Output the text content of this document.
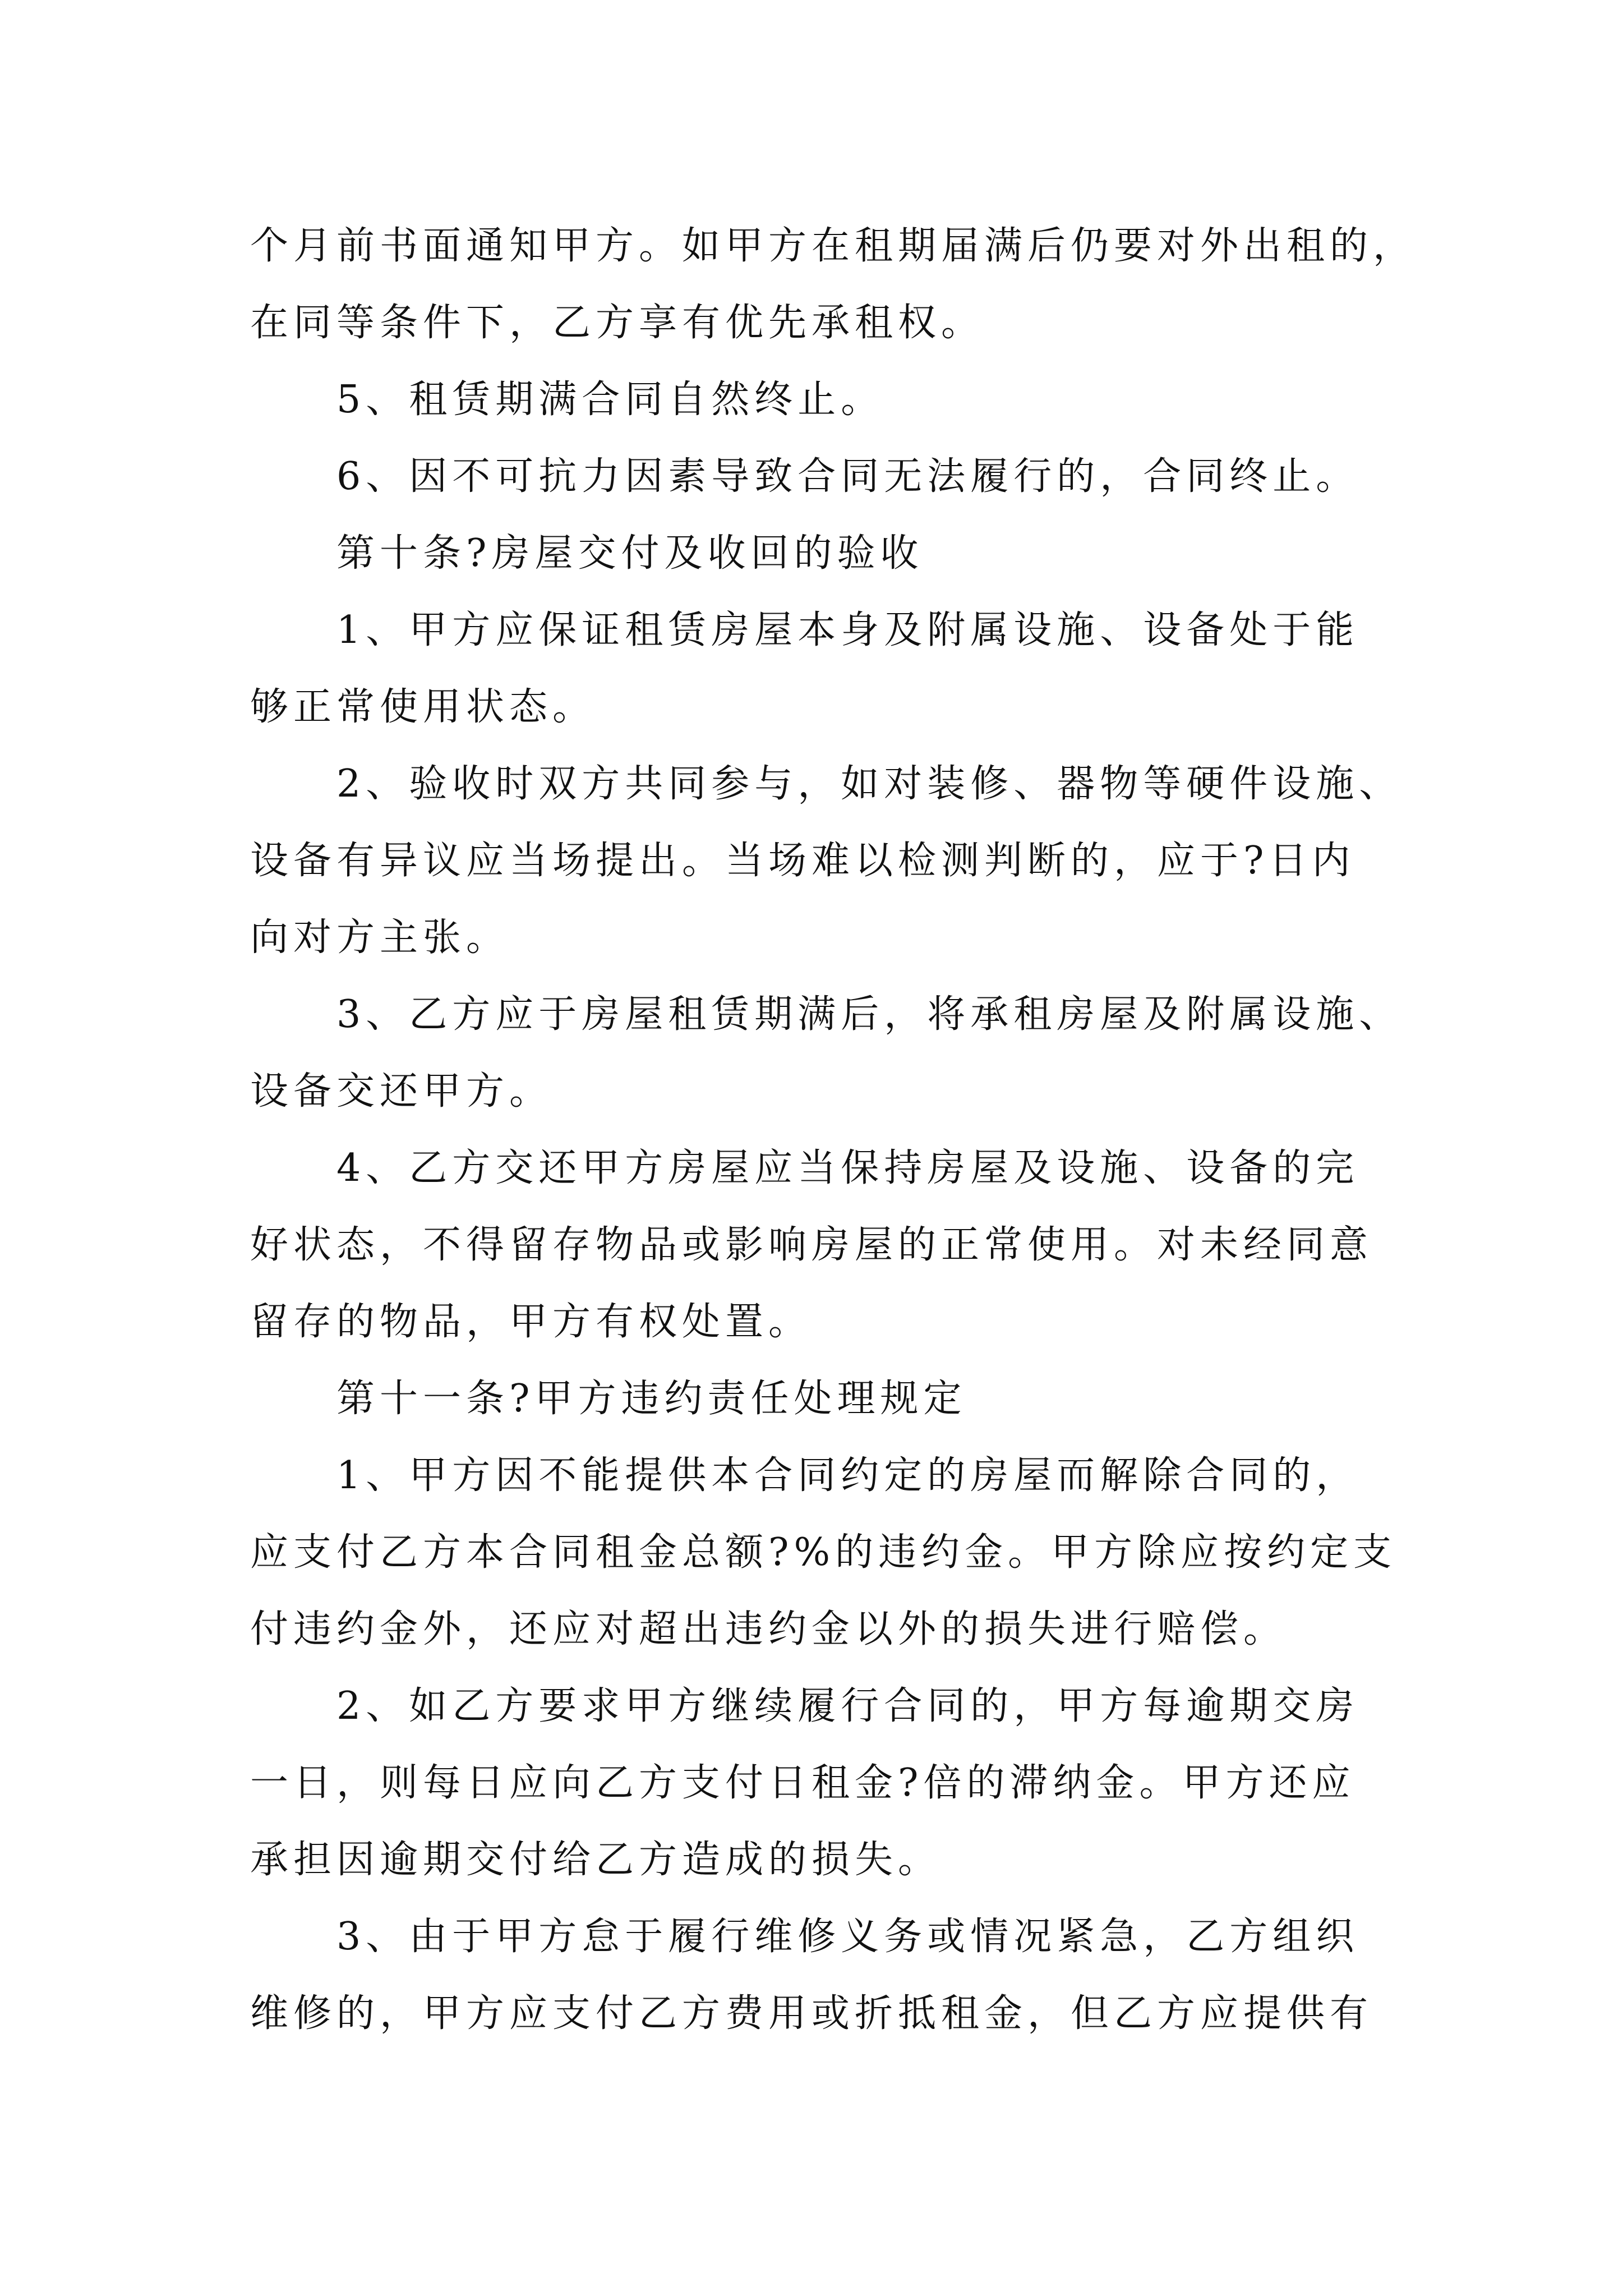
个月前书面通知甲方。如甲方在租期届满后仍要对外出租的，
在同等条件下，乙方享有优先承租权。
5、租赁期满合同自然终止。
6、因不可抗力因素导致合同无法履行的，合同终止。
第十条?房屋交付及收回的验收
1、甲方应保证租赁房屋本身及附属设施、设备处于能
够正常使用状态。
2、验收时双方共同参与，如对装修、器物等硬件设施、
设备有异议应当场提出。当场难以检测判断的，应于?日内
向对方主张。
3、乙方应于房屋租赁期满后，将承租房屋及附属设施、
设备交还甲方。
4、乙方交还甲方房屋应当保持房屋及设施、设备的完
好状态，不得留存物品或影响房屋的正常使用。对未经同意
留存的物品，甲方有权处置。
第十一条?甲方违约责任处理规定
1、甲方因不能提供本合同约定的房屋而解除合同的，
应支付乙方本合同租金总额?%的违约金。甲方除应按约定支
付违约金外，还应对超出违约金以外的损失进行赔偿。
2、如乙方要求甲方继续履行合同的，甲方每逾期交房
一日，则每日应向乙方支付日租金?倍的滞纳金。甲方还应
承担因逾期交付给乙方造成的损失。
3、由于甲方怠于履行维修义务或情况紧急，乙方组织
维修的，甲方应支付乙方费用或折抵租金，但乙方应提供有
